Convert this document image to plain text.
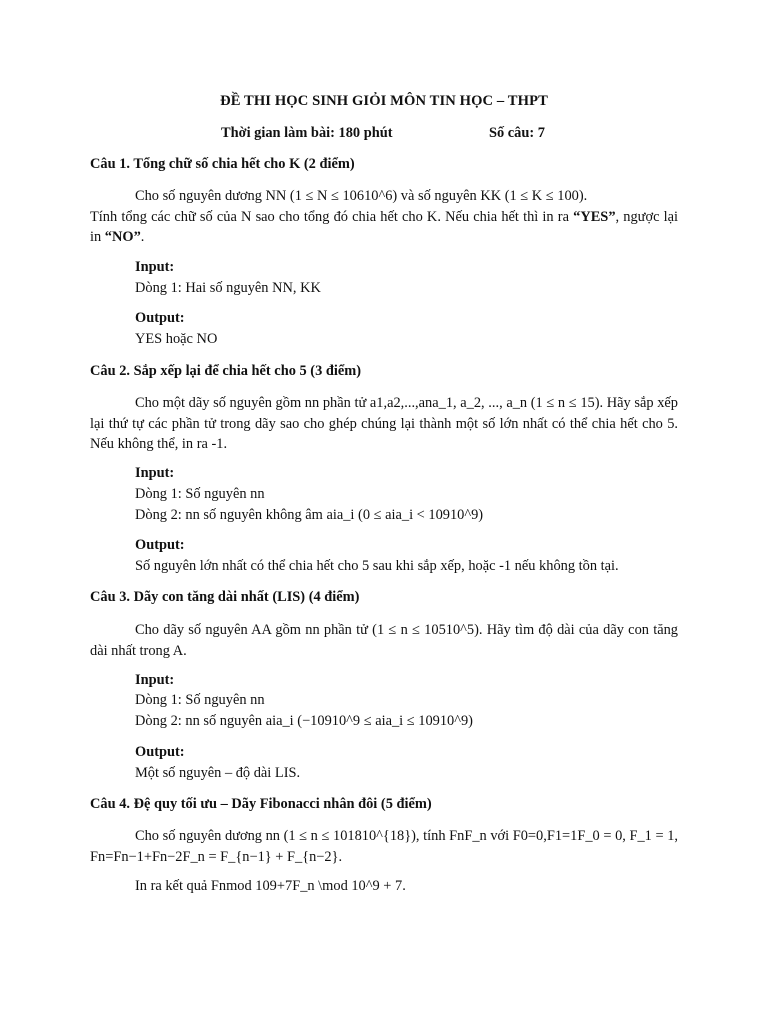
ĐỀ THI HỌC SINH GIỎI MÔN TIN HỌC – THPT
Thời gian làm bài: 180 phút	Số câu: 7
Câu 1. Tổng chữ số chia hết cho K (2 điểm)

Cho số nguyên dương NN (1 ≤ N ≤ 10610^6) và số nguyên KK (1 ≤ K ≤ 100).
Tính tổng các chữ số của N sao cho tổng đó chia hết cho K. Nếu chia hết thì in ra “YES”, ngược lại in “NO”.

Input:
Dòng 1: Hai số nguyên NN, KK
Output:
YES hoặc NO
Câu 2. Sắp xếp lại để chia hết cho 5 (3 điểm)

Cho một dãy số nguyên gồm nn phần tử a1,a2,...,ana_1, a_2, ..., a_n (1 ≤ n ≤ 15). Hãy sắp xếp lại thứ tự các phần tử trong dãy sao cho ghép chúng lại thành một số lớn nhất có thể chia hết cho 5. Nếu không thể, in ra -1.

Input:
Dòng 1: Số nguyên nn
Dòng 2: nn số nguyên không âm aia_i (0 ≤ aia_i < 10910^9)
Output:
Số nguyên lớn nhất có thể chia hết cho 5 sau khi sắp xếp, hoặc -1 nếu không tồn tại.
Câu 3. Dãy con tăng dài nhất (LIS) (4 điểm)

Cho dãy số nguyên AA gồm nn phần tử (1 ≤ n ≤ 10510^5). Hãy tìm độ dài của dãy con tăng dài nhất trong A.

Input:
Dòng 1: Số nguyên nn
Dòng 2: nn số nguyên aia_i (−10910^9 ≤ aia_i ≤ 10910^9)
Output:
Một số nguyên – độ dài LIS.
Câu 4. Đệ quy tối ưu – Dãy Fibonacci nhân đôi (5 điểm)

Cho số nguyên dương nn (1 ≤ n ≤ 101810^{18}), tính FnF_n với F0=0,F1=1F_0 = 0, F_1 = 1, Fn=Fn−1+Fn−2F_n = F_{n−1} + F_{n−2}.

In ra kết quả Fnmod 109+7F_n \mod 10^9 + 7.
